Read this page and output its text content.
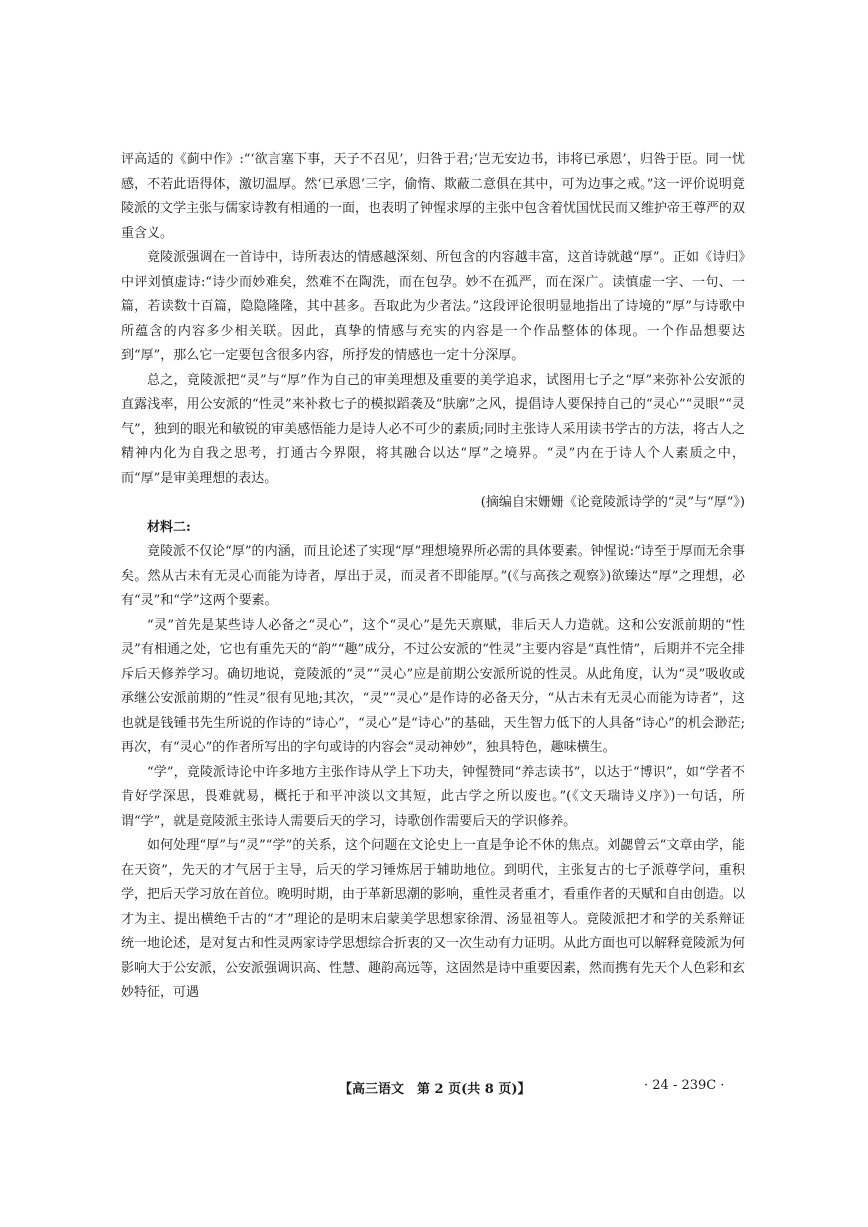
评高适的《蓟中作》:“‘欲言塞下事，天子不召见’，归咎于君;‘岂无安边书，讳将已承恩’，归咎于臣。同一忧感，不若此语得体，激切温厚。然‘已承恩’三字，偷惰、欺蔽二意俱在其中，可为边事之戒。”这一评价说明竟陵派的文学主张与儒家诗教有相通的一面，也表明了钟惺求厚的主张中包含着忧国忧民而又维护帝王尊严的双重含义。

竟陵派强调在一首诗中，诗所表达的情感越深刻、所包含的内容越丰富，这首诗就越“厚”。正如《诗归》中评刘慎虚诗:“诗少而妙难矣，然难不在陶洗，而在包孕。妙不在孤严，而在深广。读慎虚一字、一句、一篇，若读数十百篇，隐隐隆隆，其中甚多。吾取此为少者法。”这段评论很明显地指出了诗境的“厚”与诗歌中所蕴含的内容多少相关联。因此，真挚的情感与充实的内容是一个作品整体的体现。一个作品想要达到“厚”，那么它一定要包含很多内容，所抒发的情感也一定十分深厚。

总之，竟陵派把“灵”与“厚”作为自己的审美理想及重要的美学追求，试图用七子之“厚”来弥补公安派的直露浅率，用公安派的“性灵”来补救七子的模拟蹈袭及“肤廓”之风，提倡诗人要保持自己的“灵心”“灵眼”“灵气”，独到的眼光和敏锐的审美感悟能力是诗人必不可少的素质;同时主张诗人采用读书学古的方法，将古人之精神内化为自我之思考，打通古今界限，将其融合以达“厚”之境界。“灵”内在于诗人个人素质之中，而“厚”是审美理想的表达。

(摘编自宋姗姗《论竟陵派诗学的“灵”与“厚”》)

材料二:

竟陵派不仅论“厚”的内涵，而且论述了实现“厚”理想境界所必需的具体要素。钟惺说:“诗至于厚而无余事矣。然从古未有无灵心而能为诗者，厚出于灵，而灵者不即能厚。”(《与高孩之观察》)欲臻达“厚”之理想，必有“灵”和“学”这两个要素。

“灵”首先是某些诗人必备之“灵心”，这个“灵心”是先天禀赋，非后天人力造就。这和公安派前期的“性灵”有相通之处，它也有重先天的“韵”“趣”成分，不过公安派的“性灵”主要内容是“真性情”，后期并不完全排斥后天修养学习。确切地说，竟陵派的“灵”“灵心”应是前期公安派所说的性灵。从此角度，认为“灵”吸收或承继公安派前期的“性灵”很有见地;其次，“灵”“灵心”是作诗的必备天分，“从古未有无灵心而能为诗者”，这也就是钱锺书先生所说的作诗的“诗心”，“灵心”是“诗心”的基础，天生智力低下的人具备“诗心”的机会渺茫;再次，有“灵心”的作者所写出的字句或诗的内容会“灵动神妙”，独具特色，趣味横生。

“学”，竟陵派诗论中许多地方主张作诗从学上下功夫，钟惺赞同“养志读书”，以达于“博识”，如“学者不肯好学深思，畏难就易，概托于和平冲淡以文其短，此古学之所以废也。”(《文天瑞诗义序》)一句话，所谓“学”，就是竟陵派主张诗人需要后天的学习，诗歌创作需要后天的学识修养。

如何处理“厚”与“灵”“学”的关系，这个问题在文论史上一直是争论不休的焦点。刘勰曾云“文章由学，能在天资”，先天的才气居于主导，后天的学习锤炼居于辅助地位。到明代，主张复古的七子派尊学问，重积学，把后天学习放在首位。晚明时期，由于革新思潮的影响，重性灵者重才，看重作者的天赋和自由创造。以才为主、提出横绝千古的“才”理论的是明末启蒙美学思想家徐渭、汤显祖等人。竟陵派把才和学的关系辩证统一地论述，是对复古和性灵两家诗学思想综合折衷的又一次生动有力证明。从此方面也可以解释竟陵派为何影响大于公安派，公安派强调识高、性慧、趣韵高远等，这固然是诗中重要因素，然而携有先天个人色彩和玄妙特征，可遇

【高三语文　第 2 页(共 8 页)】	· 24 - 239C ·
